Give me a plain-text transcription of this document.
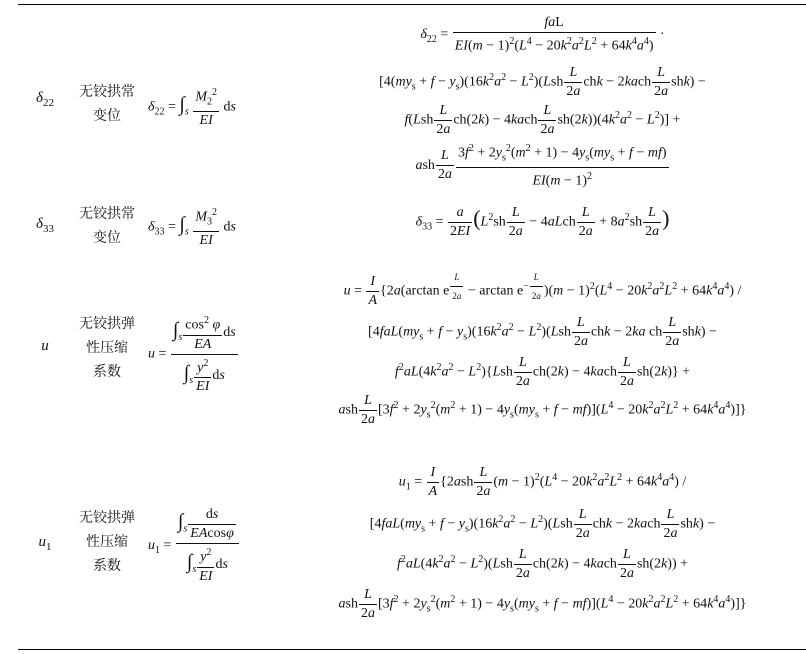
$\delta_{22}$
无铰拱常
变位
$\delta_{22} = \int_s \frac{M_2^2}{EI}$ ds
$\delta_{22} = \frac{\text{faL}}{EI(m - 1)^2(L^4 - 20k^2a^2L^2 + 64k^4a^4)}$ ·
[$4(my_s + f - y_s)(16k^2a^2 - L^2)(Lsh \frac{L}{2a}$ chk − 2kach $\frac{L}{2a} shk$) −
$f(Lsh \frac{L}{2a} ch(2k)$ − 4kach $\frac{L}{2a} sh(2k))(4k^2a^2 - L^2)$] +
ash $\frac{L}{2a} \frac{3f^2 + 2y_s^2(m^2 + 1) - 4y_s(my_s + f - mf)}{EI(m - 1)^2}$
$\delta_{33}$
无铰拱常
变位
$\delta_{33} = \int_s \frac{M_3^2}{EI}$ ds	$\delta_{33} = \frac{a}{2EI} (L^2sh \frac{L}{2a}$ − 4aLch $\frac{L}{2a} + 8a^2sh \frac{L}{2a}$ )
u
无铰拱弹
性压缩
系数
$u = \frac{\int_s \frac{\cos^2 \varphi}{EA} ds}{\int_s \frac{y^2}{EI} ds}$
$u = \frac{I}{A} \{2a(\arctan$ e $^{\frac{L}{2a}} - \arctan e^{- \frac{L}{2a}}$ )$(m - 1)^2(L^4 - 20k^2a^2L^2 + 64k^4a^4)$ /
[$4faL(my_s + f - y_s)(16k^2a^2 - L^2)(Lsh \frac{L}{2a}$ chk − 2ka ch $\frac{L}{2a} shk$) −
$f^2aL(4k^2a^2 - L^2)\{Lsh \frac{L}{2a} ch(2k)$ − 4kach $\frac{L}{2a} sh(2k)$} +
ash $\frac{L}{2a} [3f^2 + 2y_s^2(m^2 + 1) - 4y_s(my_s + f - mf)](L^4 - 20k^2a^2L^2 + 64k^4a^4)$]}
$u_1$
无铰拱弹
性压缩
系数
$u_1 = \frac{\int_s \frac{ds}{EAcos\varphi}}{\int_s \frac{y^2}{EI} ds}$
$u_1 = \frac{I}{A} \{2ash \frac{L}{2a} (m - 1)^2(L^4 - 20k^2a^2L^2 + 64k^4a^4)$ /
[$4faL(my_s + f - y_s)(16k^2a^2 - L^2)(Lsh \frac{L}{2a}$ chk − 2kach $\frac{L}{2a} shk$) −
$f^2aL(4k^2a^2 - L^2)(Lsh \frac{L}{2a} ch(2k)$ − 4kach $\frac{L}{2a} sh(2k)$) +
ash $\frac{L}{2a} [3f^2 + 2y_s^2(m^2 + 1) - 4y_s(my_s + f - mf)](L^4 - 20k^2a^2L^2 + 64k^4a^4)$]}
